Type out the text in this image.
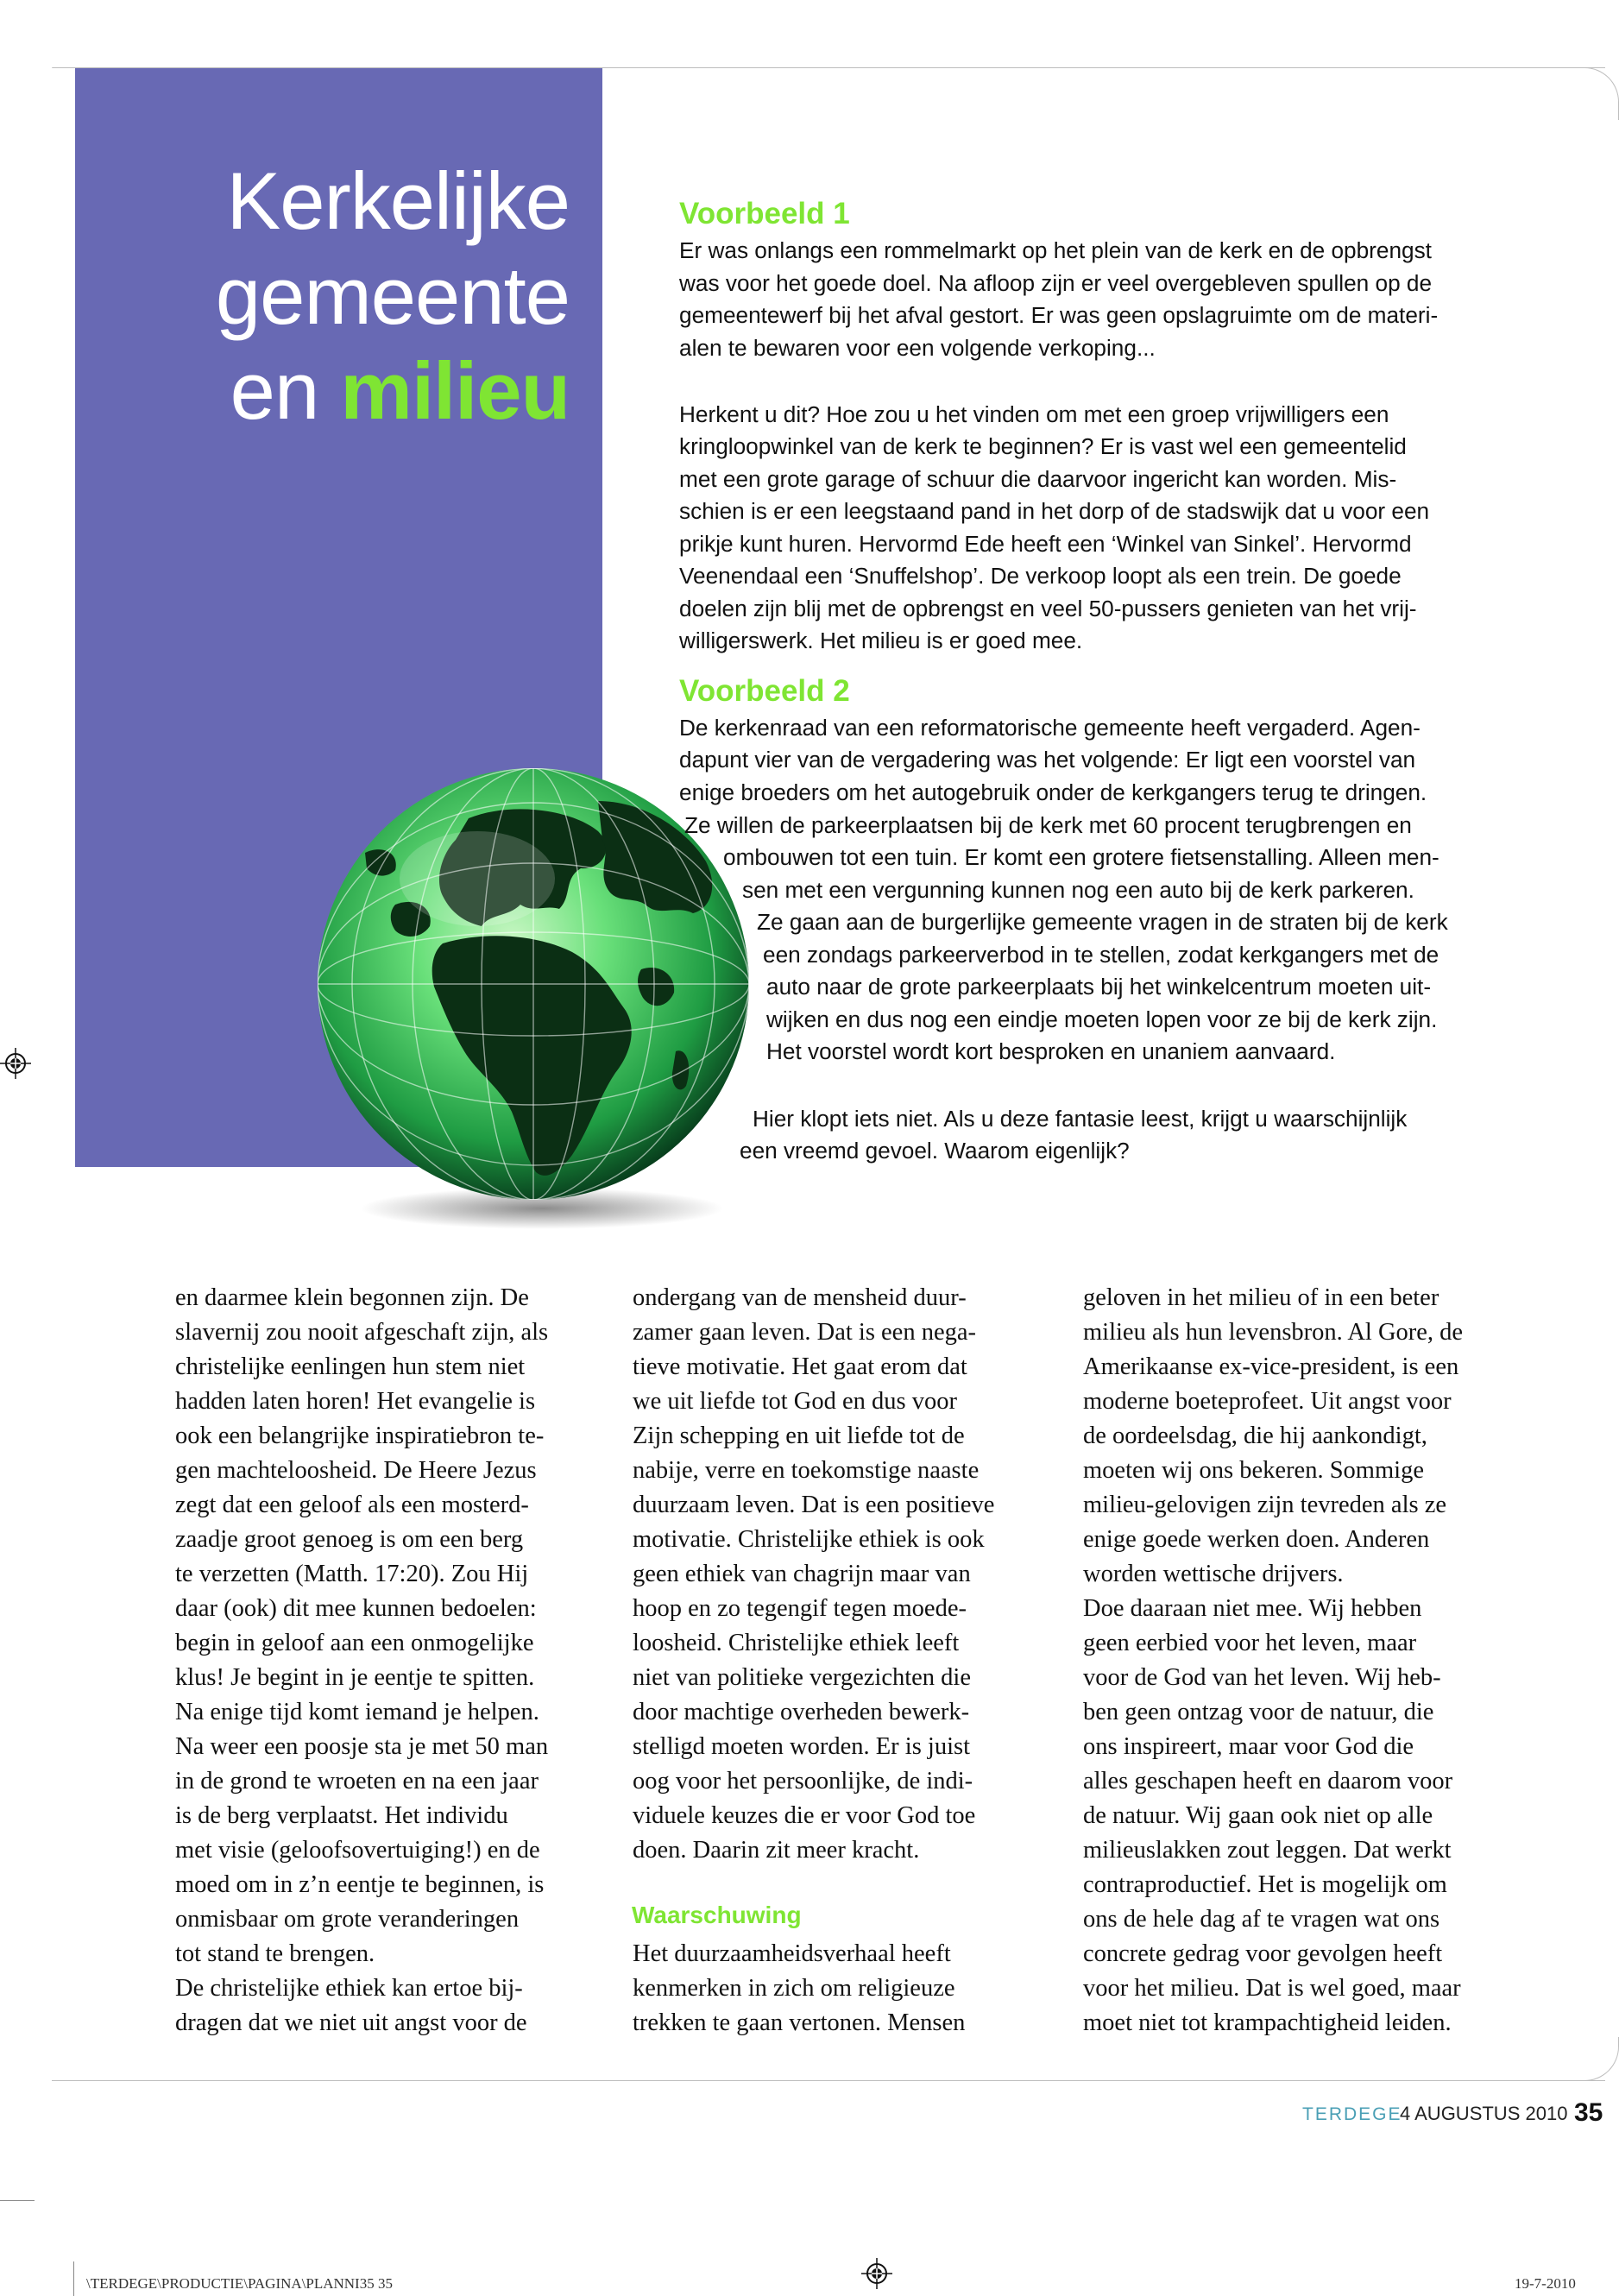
Kerkelijke
gemeente
en milieu
Voorbeeld 1
Er was onlangs een rommelmarkt op het plein van de kerk en de opbrengst
was voor het goede doel. Na afloop zijn er veel overgebleven spullen op de
gemeentewerf bij het afval gestort. Er was geen opslagruimte om de materi-
alen te bewaren voor een volgende verkoping...
Herkent u dit? Hoe zou u het vinden om met een groep vrijwilligers een
kringloopwinkel van de kerk te beginnen? Er is vast wel een gemeentelid
met een grote garage of schuur die daarvoor ingericht kan worden. Mis-
schien is er een leegstaand pand in het dorp of de stadswijk dat u voor een
prikje kunt huren. Hervormd Ede heeft een ‘Winkel van Sinkel’. Hervormd
Veenendaal een ‘Snuffelshop’. De verkoop loopt als een trein. De goede
doelen zijn blij met de opbrengst en veel 50-pussers genieten van het vrij-
willigerswerk. Het milieu is er goed mee.
Voorbeeld 2
De kerkenraad van een reformatorische gemeente heeft vergaderd. Agen-
dapunt vier van de vergadering was het volgende: Er ligt een voorstel van
enige broeders om het autogebruik onder de kerkgangers terug te dringen.
Ze willen de parkeerplaatsen bij de kerk met 60 procent terugbrengen en
ombouwen tot een tuin. Er komt een grotere fietsenstalling. Alleen men-
sen met een vergunning kunnen nog een auto bij de kerk parkeren.
Ze gaan aan de burgerlijke gemeente vragen in de straten bij de kerk
een zondags parkeerverbod in te stellen, zodat kerkgangers met de
auto naar de grote parkeerplaats bij het winkelcentrum moeten uit-
wijken en dus nog een eindje moeten lopen voor ze bij de kerk zijn.
Het voorstel wordt kort besproken en unaniem aanvaard.
Hier klopt iets niet. Als u deze fantasie leest, krijgt u waarschijnlijk
een vreemd gevoel. Waarom eigenlijk?
en daarmee klein begonnen zijn. De
slavernij zou nooit afgeschaft zijn, als
christelijke eenlingen hun stem niet
hadden laten horen! Het evangelie is
ook een belangrijke inspiratiebron te-
gen machteloosheid. De Heere Jezus
zegt dat een geloof als een mosterd-
zaadje groot genoeg is om een berg
te verzetten (Matth. 17:20). Zou Hij
daar (ook) dit mee kunnen bedoelen:
begin in geloof aan een onmogelijke
klus! Je begint in je eentje te spitten.
Na enige tijd komt iemand je helpen.
Na weer een poosje sta je met 50 man
in de grond te wroeten en na een jaar
is de berg verplaatst. Het individu
met visie (geloofsovertuiging!) en de
moed om in z’n eentje te beginnen, is
onmisbaar om grote veranderingen
tot stand te brengen.
De christelijke ethiek kan ertoe bij-
dragen dat we niet uit angst voor de
ondergang van de mensheid duur-
zamer gaan leven. Dat is een nega-
tieve motivatie. Het gaat erom dat
we uit liefde tot God en dus voor
Zijn schepping en uit liefde tot de
nabije, verre en toekomstige naaste
duurzaam leven. Dat is een positieve
motivatie. Christelijke ethiek is ook
geen ethiek van chagrijn maar van
hoop en zo tegengif tegen moede-
loosheid. Christelijke ethiek leeft
niet van politieke vergezichten die
door machtige overheden bewerk-
stelligd moeten worden. Er is juist
oog voor het persoonlijke, de indi-
viduele keuzes die er voor God toe
doen. Daarin zit meer kracht.
Waarschuwing
Het duurzaamheidsverhaal heeft
kenmerken in zich om religieuze
trekken te gaan vertonen. Mensen
geloven in het milieu of in een beter
milieu als hun levensbron. Al Gore, de
Amerikaanse ex-vice-president, is een
moderne boeteprofeet. Uit angst voor
de oordeelsdag, die hij aankondigt,
moeten wij ons bekeren. Sommige
milieu-gelovigen zijn tevreden als ze
enige goede werken doen. Anderen
worden wettische drijvers.
Doe daaraan niet mee. Wij hebben
geen eerbied voor het leven, maar
voor de God van het leven. Wij heb-
ben geen ontzag voor de natuur, die
ons inspireert, maar voor God die
alles geschapen heeft en daarom voor
de natuur. Wij gaan ook niet op alle
milieuslakken zout leggen. Dat werkt
contraproductief. Het is mogelijk om
ons de hele dag af te vragen wat ons
concrete gedrag voor gevolgen heeft
voor het milieu. Dat is wel goed, maar
moet niet tot krampachtigheid leiden.
TERDEGE
4 AUGUSTUS 2010 35
\TERDEGE\PRODUCTIE\PAGINA\PLANNI35 35	19-7-2010
